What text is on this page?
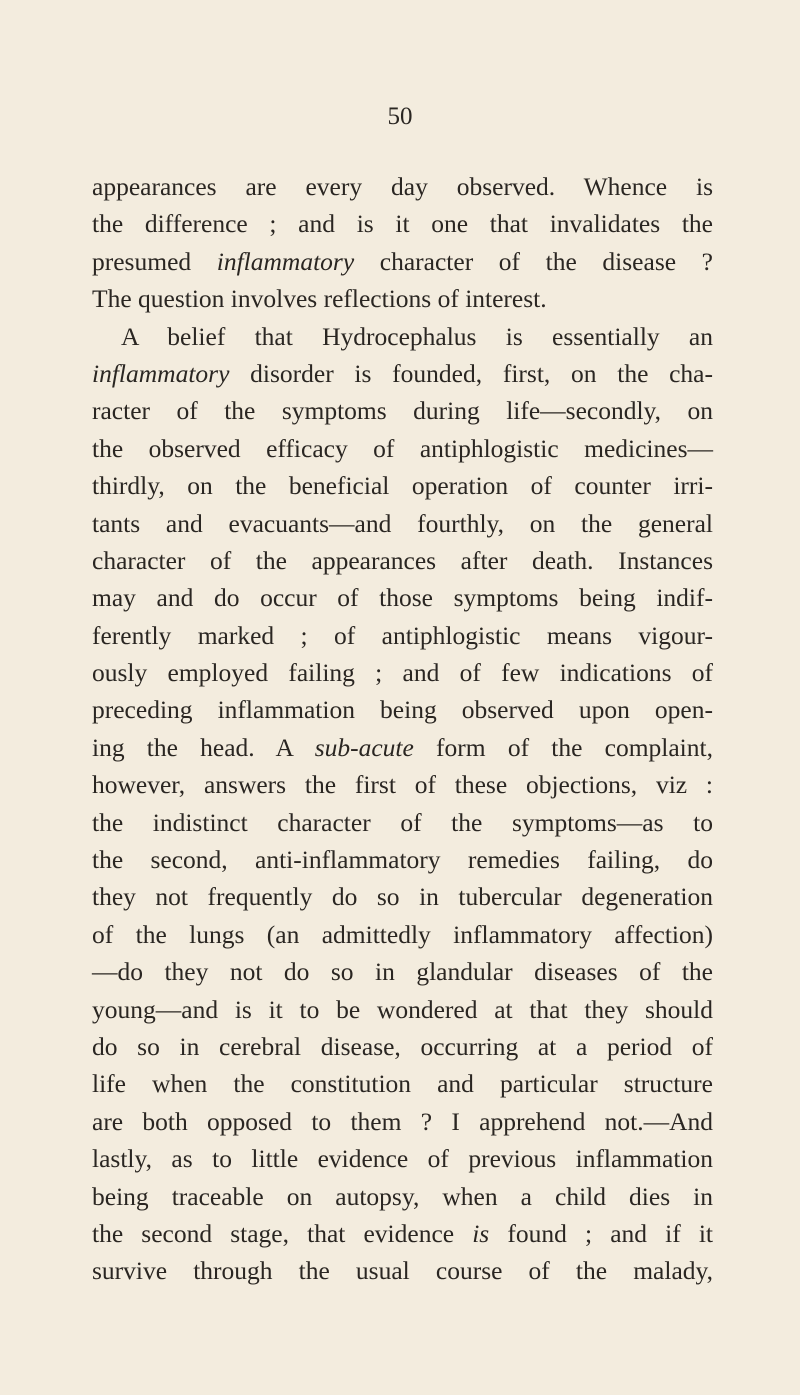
50
appearances are every day observed. Whence is
the difference ; and is it one that invalidates the
presumed inflammatory character of the disease ?
The question involves reflections of interest.
A belief that Hydrocephalus is essentially an
inflammatory disorder is founded, first, on the cha-
racter of the symptoms during life—secondly, on
the observed efficacy of antiphlogistic medicines—
thirdly, on the beneficial operation of counter irri-
tants and evacuants—and fourthly, on the general
character of the appearances after death. Instances
may and do occur of those symptoms being indif-
ferently marked ; of antiphlogistic means vigour-
ously employed failing ; and of few indications of
preceding inflammation being observed upon open-
ing the head. A sub-acute form of the complaint,
however, answers the first of these objections, viz :
the indistinct character of the symptoms—as to
the second, anti-inflammatory remedies failing, do
they not frequently do so in tubercular degeneration
of the lungs (an admittedly inflammatory affection)
—do they not do so in glandular diseases of the
young—and is it to be wondered at that they should
do so in cerebral disease, occurring at a period of
life when the constitution and particular structure
are both opposed to them ? I apprehend not.—And
lastly, as to little evidence of previous inflammation
being traceable on autopsy, when a child dies in
the second stage, that evidence is found ; and if it
survive through the usual course of the malady,
